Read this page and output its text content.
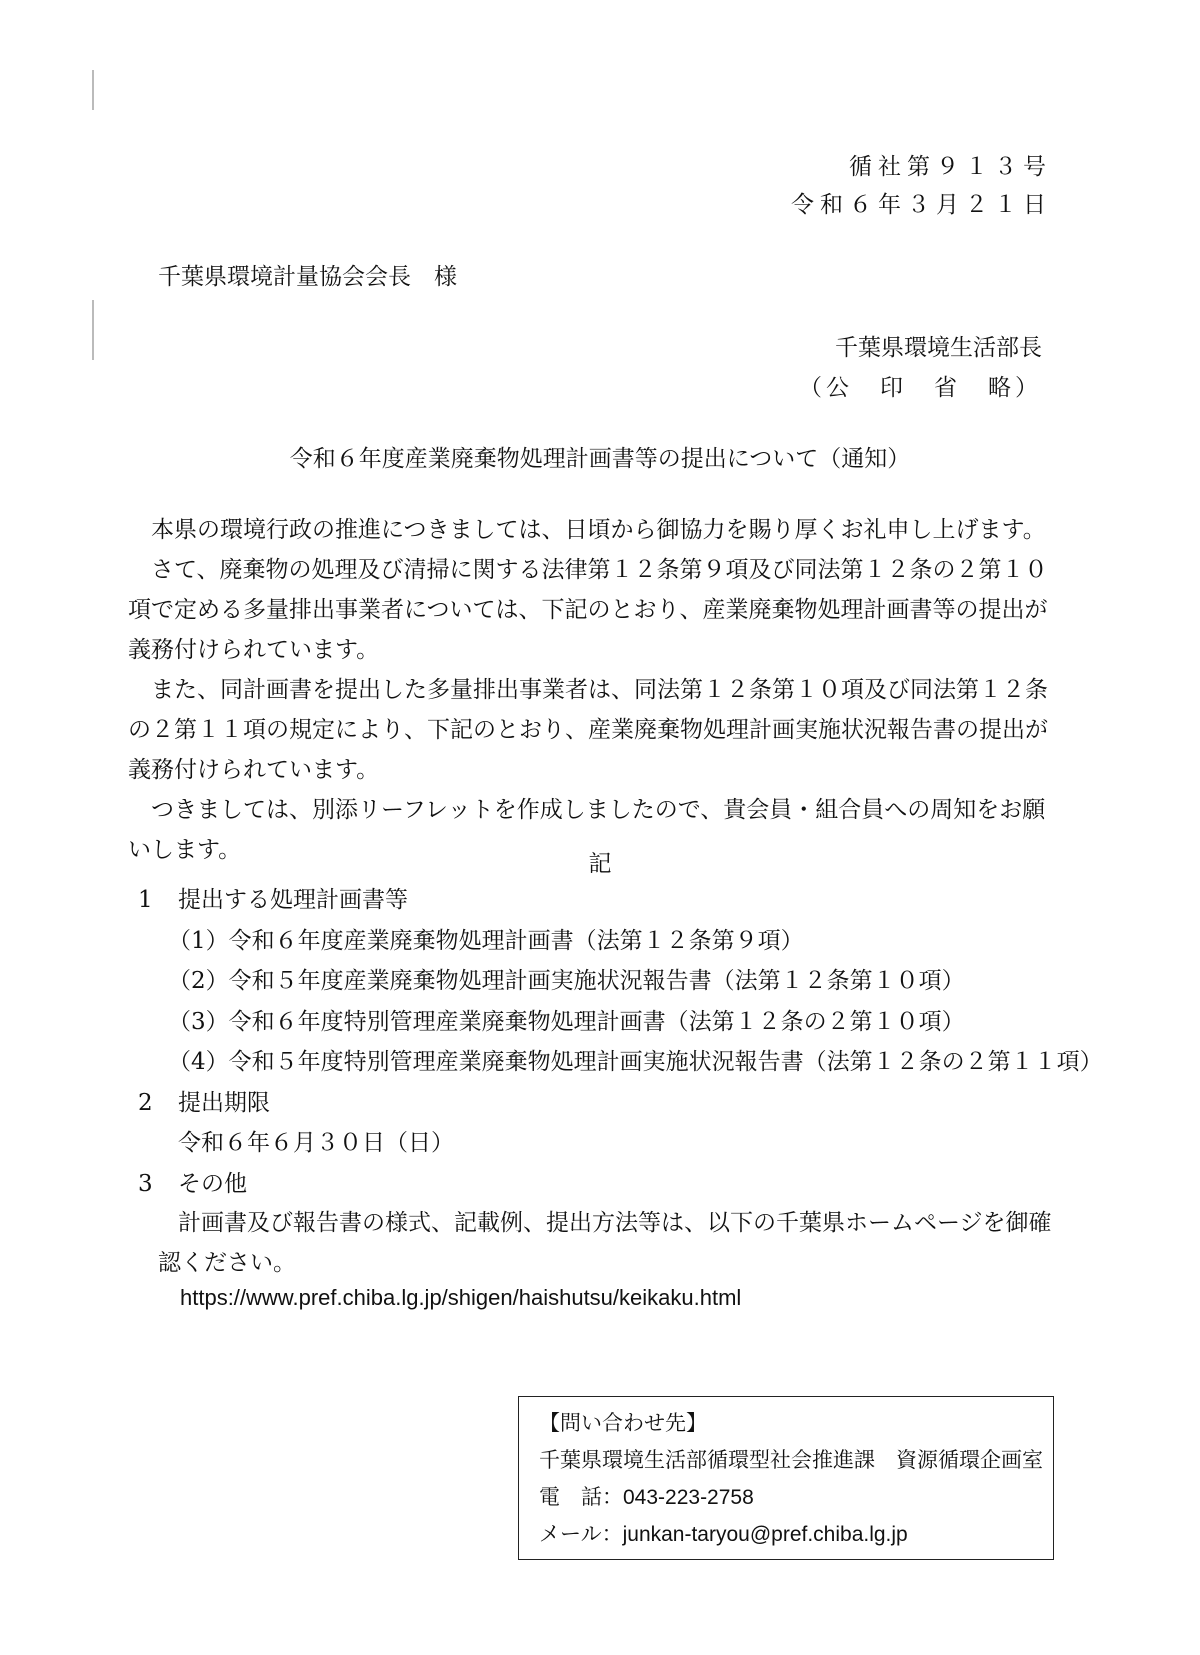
循社第９１３号
令和６年３月２１日
千葉県環境計量協会会長　様
千葉県環境生活部長
（公　印　省　略）
令和６年度産業廃棄物処理計画書等の提出について（通知）

本県の環境行政の推進につきましては、日頃から御協力を賜り厚くお礼申し上げます。

さて、廃棄物の処理及び清掃に関する法律第１２条第９項及び同法第１２条の２第１０項で定める多量排出事業者については、下記のとおり、産業廃棄物処理計画書等の提出が義務付けられています。

また、同計画書を提出した多量排出事業者は、同法第１２条第１０項及び同法第１２条の２第１１項の規定により、下記のとおり、産業廃棄物処理計画実施状況報告書の提出が義務付けられています。

つきましては、別添リーフレットを作成しましたので、貴会員・組合員への周知をお願いします。

記
1	提出する処理計画書等
（1）令和６年度産業廃棄物処理計画書（法第１２条第９項）
（2）令和５年度産業廃棄物処理計画実施状況報告書（法第１２条第１０項）
（3）令和６年度特別管理産業廃棄物処理計画書（法第１２条の２第１０項）
（4）令和５年度特別管理産業廃棄物処理計画実施状況報告書（法第１２条の２第１１項）
2	提出期限
令和６年６月３０日（日）
3	その他
計画書及び報告書の様式、記載例、提出方法等は、以下の千葉県ホームページを御確認ください。
https://www.pref.chiba.lg.jp/shigen/haishutsu/keikaku.html
【問い合わせ先】
千葉県環境生活部循環型社会推進課　資源循環企画室
電　話：043-223-2758
メール：junkan-taryou@pref.chiba.lg.jp
